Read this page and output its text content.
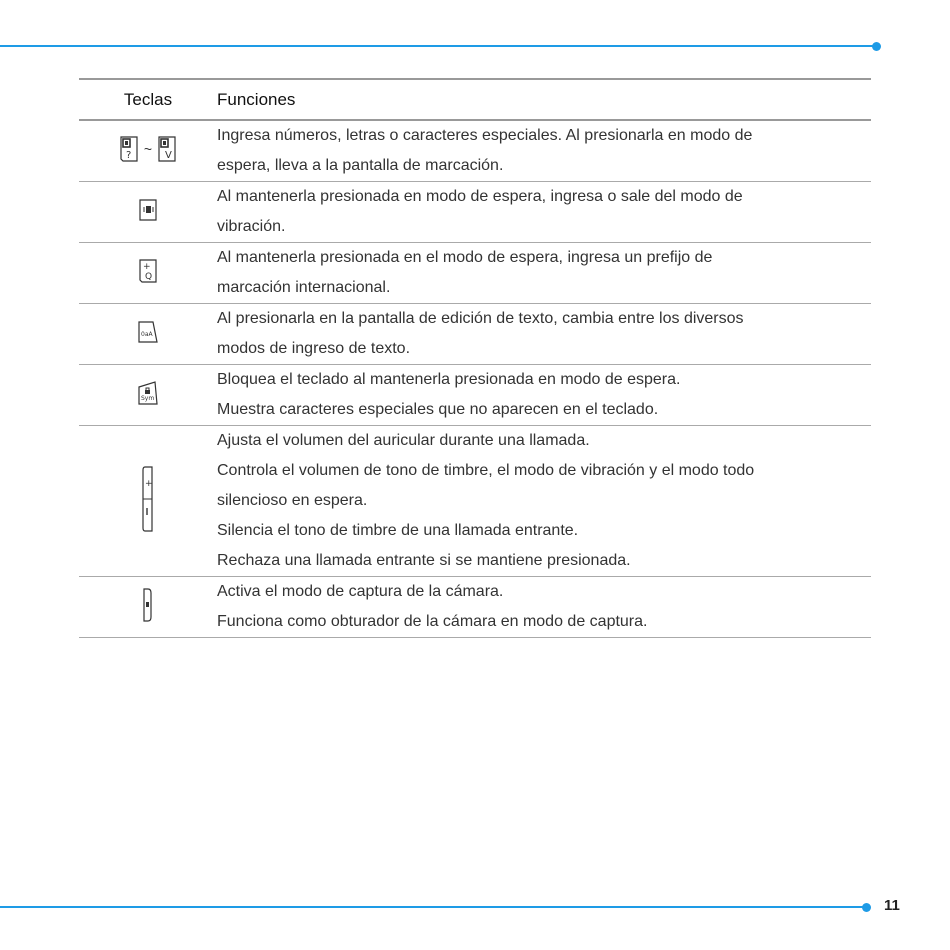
Teclas	Funciones

? ~ V	Ingresa números, letras o caracteres especiales. Al presionarla en modo de
espera, lleva a la pantalla de marcación.

Al mantenerla presionada en modo de espera, ingresa o sale del modo de
vibración.

+
Q	Al mantenerla presionada en el modo de espera, ingresa un prefijo de
marcación internacional.

0aA	Al presionarla en la pantalla de edición de texto, cambia entre los diversos
modos de ingreso de texto.

Sym	Bloquea el teclado al mantenerla presionada en modo de espera.
Muestra caracteres especiales que no aparecen en el teclado.

+	Ajusta el volumen del auricular durante una llamada.
Controla el volumen de tono de timbre, el modo de vibración y el modo todo
silencioso en espera.
Silencia el tono de timbre de una llamada entrante.
Rechaza una llamada entrante si se mantiene presionada.

Activa el modo de captura de la cámara.
Funciona como obturador de la cámara en modo de captura.
11
